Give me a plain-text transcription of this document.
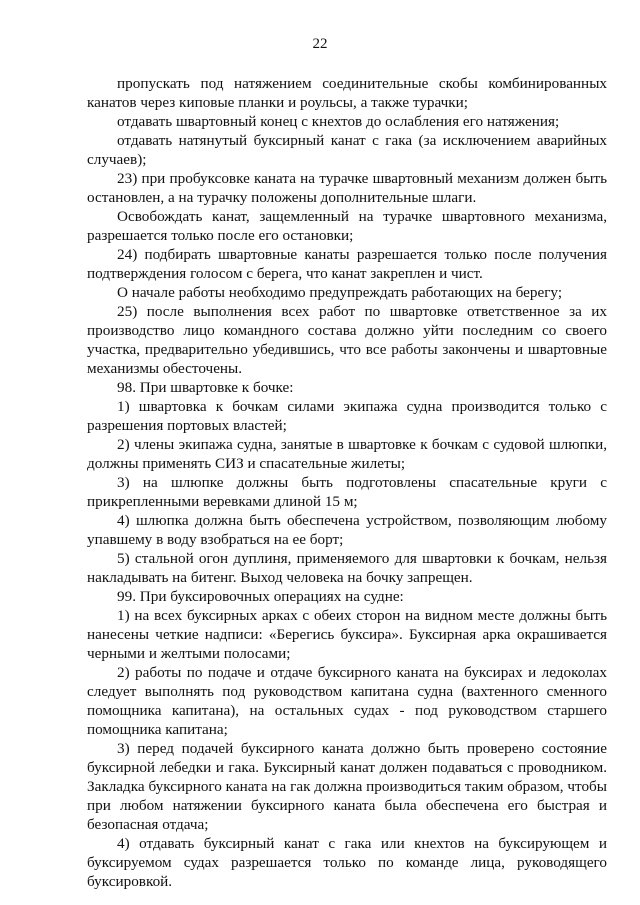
22

пропускать под натяжением соединительные скобы комбинированных канатов через киповые планки и роульсы, а также турачки;

отдавать швартовный конец с кнехтов до ослабления его натяжения;

отдавать натянутый буксирный канат с гака (за исключением аварийных случаев);

23) при пробуксовке каната на турачке швартовный механизм должен быть остановлен, а на турачку положены дополнительные шлаги.

Освобождать канат, защемленный на турачке швартовного механизма, разрешается только после его остановки;

24) подбирать швартовные канаты разрешается только после получения подтверждения голосом с берега, что канат закреплен и чист.

О начале работы необходимо предупреждать работающих на берегу;

25) после выполнения всех работ по швартовке ответственное за их производство лицо командного состава должно уйти последним со своего участка, предварительно убедившись, что все работы закончены и швартовные механизмы обесточены.

98. При швартовке к бочке:

1) швартовка к бочкам силами экипажа судна производится только с разрешения портовых властей;

2) члены экипажа судна, занятые в швартовке к бочкам с судовой шлюпки, должны применять СИЗ и спасательные жилеты;

3) на шлюпке должны быть подготовлены спасательные круги с прикрепленными веревками длиной 15 м;

4) шлюпка должна быть обеспечена устройством, позволяющим любому упавшему в воду взобраться на ее борт;

5) стальной огон дуплиня, применяемого для швартовки к бочкам, нельзя накладывать на битенг. Выход человека на бочку запрещен.

99. При буксировочных операциях на судне:

1) на всех буксирных арках с обеих сторон на видном месте должны быть нанесены четкие надписи: «Берегись буксира». Буксирная арка окрашивается черными и желтыми полосами;

2) работы по подаче и отдаче буксирного каната на буксирах и ледоколах следует выполнять под руководством капитана судна (вахтенного сменного помощника капитана), на остальных судах - под руководством старшего помощника капитана;

3) перед подачей буксирного каната должно быть проверено состояние буксирной лебедки и гака. Буксирный канат должен подаваться с проводником. Закладка буксирного каната на гак должна производиться таким образом, чтобы при любом натяжении буксирного каната была обеспечена его быстрая и безопасная отдача;

4) отдавать буксирный канат с гака или кнехтов на буксирующем и буксируемом судах разрешается только по команде лица, руководящего буксировкой.
